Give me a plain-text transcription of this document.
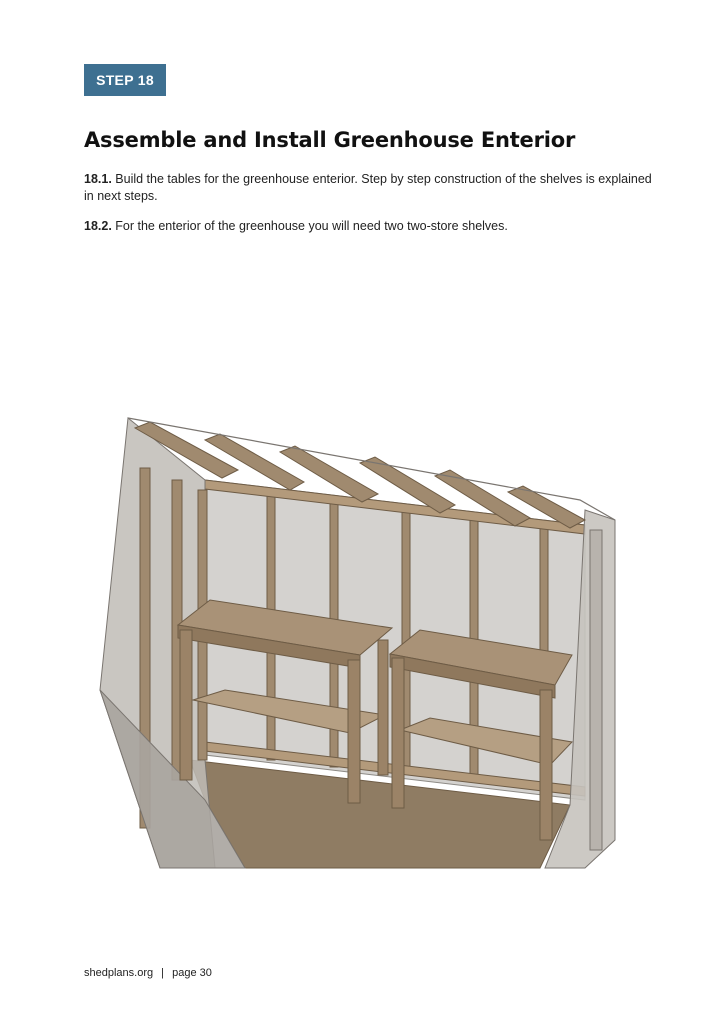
STEP 18
Assemble and Install Greenhouse Enterior
18.1. Build the tables for the greenhouse enterior. Step by step construction of the shelves is explained in next steps.
18.2. For the enterior of the greenhouse you will need two two-store shelves.
shedplans.org | page 30
